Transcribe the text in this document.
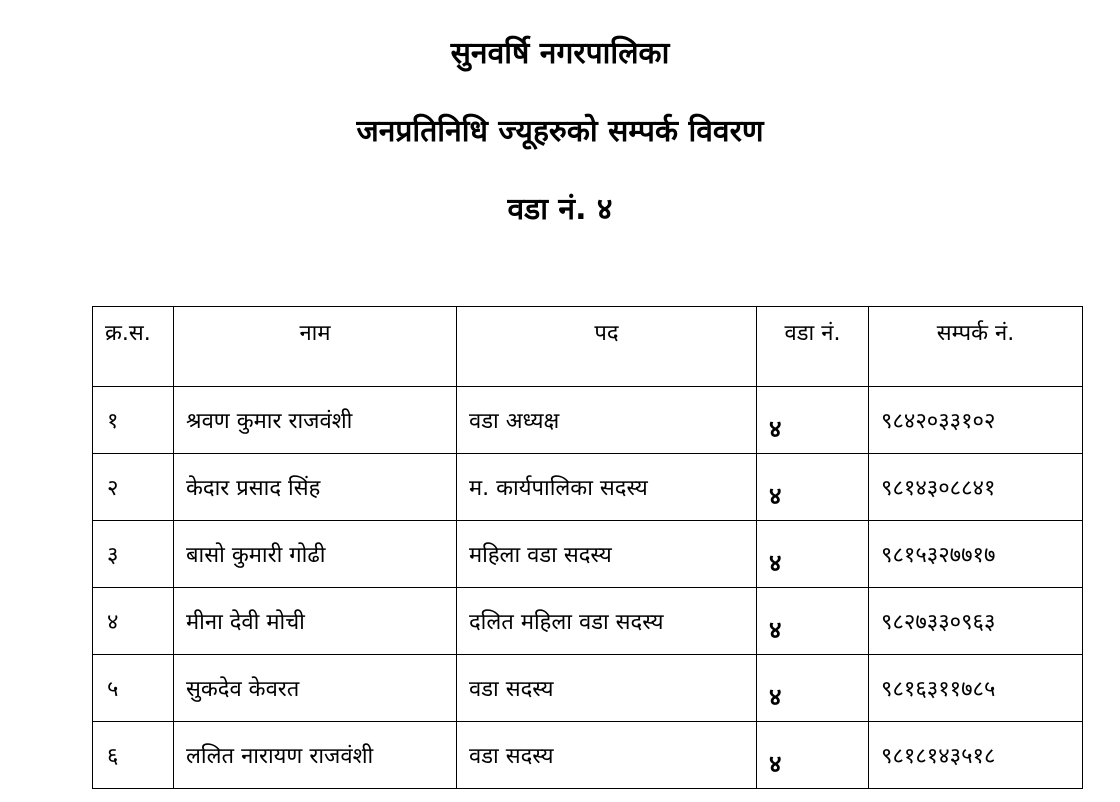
सुनवर्षि नगरपालिका
जनप्रतिनिधि ज्यूहरुको सम्पर्क विवरण
वडा नं. ४
क्र.स.	नाम	पद	वडा नं.	सम्पर्क नं.
१	श्रवण कुमार राजवंशी	वडा अध्यक्ष	४	९८४२०३३१०२
२	केदार प्रसाद सिंह	म. कार्यपालिका सदस्य	४	९८१४३०८८४१
३	बासो कुमारी गोढी	महिला वडा सदस्य	४	९८१५३२७७१७
४	मीना देवी मोची	दलित महिला वडा सदस्य	४	९८२७३३०९६३
५	सुकदेव केवरत	वडा सदस्य	४	९८१६३११७८५
६	ललित नारायण राजवंशी	वडा सदस्य	४	९८१८१४३५१८
